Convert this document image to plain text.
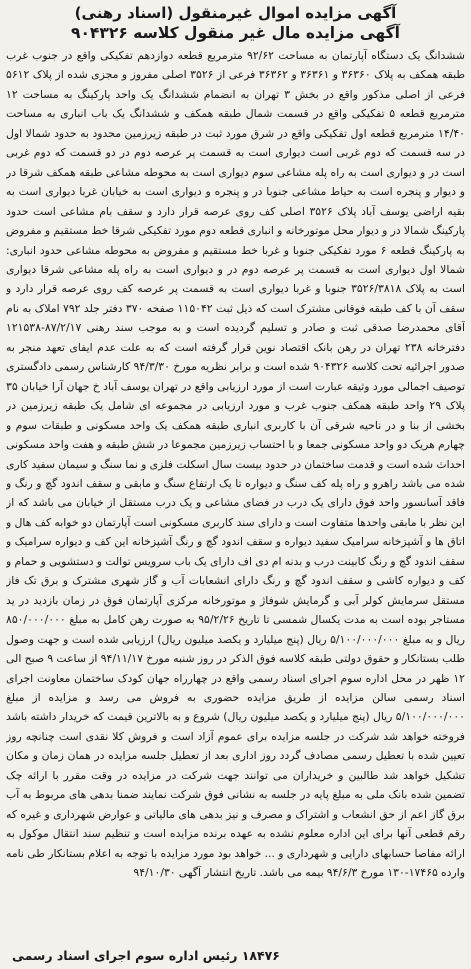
آگهی مزایده اموال غیرمنقول (اسناد رهنی)
آگهی مزایده مال غیر منقول کلاسه ۹۰۴۳۲۶

ششدانگ یک دستگاه آپارتمان به مساحت ۹۲/۶۲ مترمربع قطعه دوازدهم تفکیکی واقع در جنوب غرب طبقه همکف به پلاک ۳۶۳۶۰ و ۳۶۳۶۱ و ۳۶۳۶۲ فرعی از ۳۵۲۶ اصلی مفروز و مجزی شده از پلاک ۵۶۱۲ فرعی از اصلی مذکور واقع در بخش ۳ تهران به انضمام ششدانگ یک واحد پارکینگ به مساحت ۱۲ مترمربع قطعه ۵ تفکیکی واقع در قسمت شمال طبقه همکف و ششدانگ یک باب انباری به مساحت ۱۴/۴۰ مترمربع قطعه اول تفکیکی واقع در شرق مورد ثبت در طبقه زیرزمین محدود به حدود شمالا اول در سه قسمت که دوم غربی است دیواری است به قسمت پر عرصه دوم در دو قسمت که دوم غربی است در و دیواری است به راه پله مشاعی سوم دیواری است به محوطه مشاعی طبقه همکف شرقا در و دیوار و پنجره است به حیاط مشاعی جنوبا در و پنجره و دیواری است به خیابان غربا دیواری است به بقیه اراضی یوسف آباد پلاک ۳۵۲۶ اصلی کف روی عرصه قرار دارد و سقف بام مشاعی است حدود پارکینگ شمالا در و دیوار محل موتورخانه و انباری قطعه دوم مورد تفکیکی شرقا خط مستقیم و مفروض به پارکینگ قطعه ۶ مورد تفکیکی جنوبا و غربا خط مستقیم و مفروض به محوطه مشاعی حدود انباری: شمالا اول دیواری است به قسمت پر عرصه دوم در و دیواری است به راه پله مشاعی شرقا دیواری است به پلاک ۳۵۲۶/۳۸۱۸ جنوبا و غربا دیواری است به قسمت پر عرصه کف روی عرصه قرار دارد و سقف آن با کف طبقه فوقانی مشترک است که ذیل ثبت ۱۱۵۰۴۲ صفحه ۳۷۰ دفتر جلد ۷۹۲ املاک به نام آقای محمدرضا صدقی ثبت و صادر و تسلیم گردیده است و به موجب سند رهنی ۸۷/۲/۱۷-۱۲۱۵۳۸ دفترخانه ۲۳۸ تهران در رهن بانک اقتصاد نوین قرار گرفته است که به علت عدم ایفای تعهد منجر به صدور اجرائیه تحت کلاسه ۹۰۴۳۲۶ شده است و برابر نظریه مورخ ۹۴/۳/۳۰ کارشناس رسمی دادگستری توصیف اجمالی مورد وثیقه عبارت است از مورد ارزیابی واقع در تهران یوسف آباد خ جهان آرا خیابان ۳۵ پلاک ۲۹ واحد طبقه همکف جنوب غرب و مورد ارزیابی در مجموعه ای شامل یک طبقه زیرزمین در بخشی از بنا و در ناحیه شرقی آن با کاربری انباری طبقه همکف یک واحد مسکونی و طبقات سوم و چهارم هریک دو واحد مسکونی جمعا و با احتساب زیرزمین مجموعا در شش طبقه و هفت واحد مسکونی احداث شده است و قدمت ساختمان در حدود بیست سال اسکلت فلزی و نما سنگ و سیمان سفید کاری شده می باشد راهرو و راه پله کف سنگ و دیواره تا یک ارتفاع سنگ و مابقی و سقف اندود گچ و رنگ و فاقد آسانسور واحد فوق دارای یک درب در فضای مشاعی و یک درب مستقل از خیابان می باشد که از این نظر با مابقی واحدها متفاوت است و دارای سند کاربری مسکونی است آپارتمان دو خوابه کف هال و اتاق ها و آشپزخانه سرامیک سفید دیواره و سقف اندود گچ و رنگ آشپزخانه این کف و دیواره سرامیک و سقف اندود گچ و رنگ کابینت درب و بدنه ام دی اف دارای یک باب سرویس توالت و دستشویی و حمام و کف و دیواره کاشی و سقف اندود گچ و رنگ دارای انشعابات آب و گاز شهری مشترک و برق تک فاز مستقل سرمایش کولر آبی و گرمایش شوفاژ و موتورخانه مرکزی آپارتمان فوق در زمان بازدید در ید مستاجر بوده است به مدت یکسال شمسی تا تاریخ ۹۵/۲/۲۶ به صورت رهن کامل به مبلغ ۸۵۰/۰۰۰/۰۰۰ ریال و به مبلغ ۵/۱۰۰/۰۰۰/۰۰۰ ریال (پنج میلیارد و یکصد میلیون ریال) ارزیابی شده است و جهت وصول طلب بستانکار و حقوق دولتی طبقه کلاسه فوق الذکر در روز شنبه مورخ ۹۴/۱۱/۱۷ از ساعت ۹ صبح الی ۱۲ ظهر در محل اداره سوم اجرای اسناد رسمی واقع در چهارراه جهان کودک ساختمان معاونت اجرای اسناد رسمی سالن مزایده از طریق مزایده حضوری به فروش می رسد و مزایده از مبلغ ۵/۱۰۰/۰۰۰/۰۰۰ ریال (پنج میلیارد و یکصد میلیون ریال) شروع و به بالاترین قیمت که خریدار داشته باشد فروخته خواهد شد شرکت در جلسه مزایده برای عموم آزاد است و فروش کلا نقدی است چنانچه روز تعیین شده با تعطیل رسمی مصادف گردد روز اداری بعد از تعطیل جلسه مزایده در همان زمان و مکان تشکیل خواهد شد طالبین و خریداران می توانند جهت شرکت در مزایده در وقت مقرر با ارائه چک تضمین شده بانک ملی به مبلغ پایه در جلسه به نشانی فوق شرکت نمایند ضمنا بدهی های مربوط به آب برق گاز اعم از حق انشعاب و اشتراک و مصرف و نیز بدهی های مالیاتی و عوارض شهرداری و غیره که رقم قطعی آنها برای این اداره معلوم نشده به عهده برنده مزایده است و تنظیم سند انتقال موکول به ارائه مفاصا حسابهای دارایی و شهرداری و ... خواهد بود مورد مزایده با توجه به اعلام بستانکار طی نامه وارده ۱۷۴۶۵-۱۳۰ مورخ ۹۴/۶/۳ بیمه می باشد. تاریخ انتشار آگهی ۹۴/۱۰/۳۰

۱۸۴۷۶ رئیس اداره سوم اجرای اسناد رسمی
